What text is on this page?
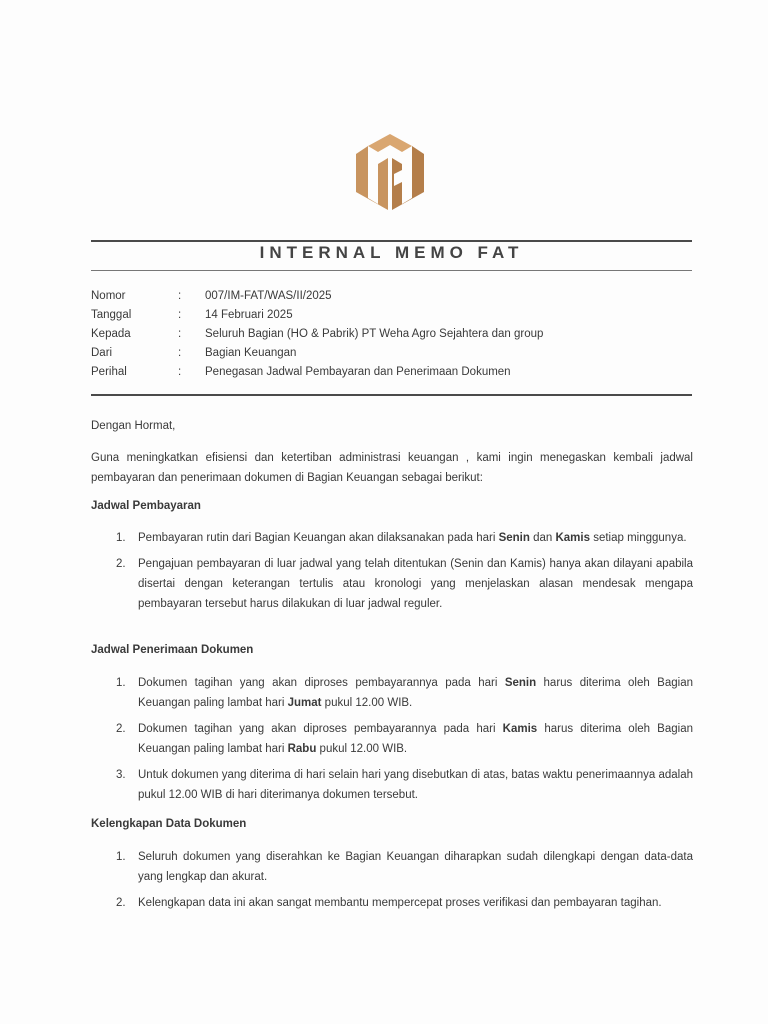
INTERNAL MEMO FAT
Nomor	:	007/IM-FAT/WAS/II/2025
Tanggal	:	14 Februari 2025
Kepada	:	Seluruh Bagian (HO & Pabrik) PT Weha Agro Sejahtera dan group
Dari	:	Bagian Keuangan
Perihal	:	Penegasan Jadwal Pembayaran dan Penerimaan Dokumen
Dengan Hormat,
Guna meningkatkan efisiensi dan ketertiban administrasi keuangan , kami ingin menegaskan kembali jadwal pembayaran dan penerimaan dokumen di Bagian Keuangan sebagai berikut:
Jadwal Pembayaran
1.	Pembayaran rutin dari Bagian Keuangan akan dilaksanakan pada hari Senin dan Kamis setiap minggunya.
2.	Pengajuan pembayaran di luar jadwal yang telah ditentukan (Senin dan Kamis) hanya akan dilayani apabila disertai dengan keterangan tertulis atau kronologi yang menjelaskan alasan mendesak mengapa pembayaran tersebut harus dilakukan di luar jadwal reguler.
Jadwal Penerimaan Dokumen
1.	Dokumen tagihan yang akan diproses pembayarannya pada hari Senin harus diterima oleh Bagian Keuangan paling lambat hari Jumat pukul 12.00 WIB.
2.	Dokumen tagihan yang akan diproses pembayarannya pada hari Kamis harus diterima oleh Bagian Keuangan paling lambat hari Rabu pukul 12.00 WIB.
3.	Untuk dokumen yang diterima di hari selain hari yang disebutkan di atas, batas waktu penerimaannya adalah pukul 12.00 WIB di hari diterimanya dokumen tersebut.
Kelengkapan Data Dokumen
1.	Seluruh dokumen yang diserahkan ke Bagian Keuangan diharapkan sudah dilengkapi dengan data-data yang lengkap dan akurat.
2.	Kelengkapan data ini akan sangat membantu mempercepat proses verifikasi dan pembayaran tagihan.
